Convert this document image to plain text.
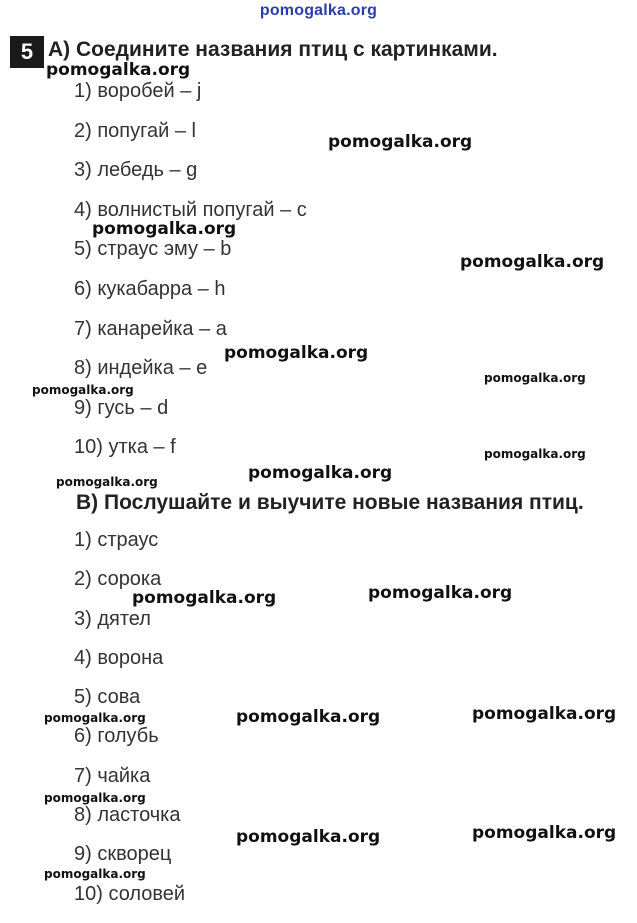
pomogalka.org
5 A) Соедините названия птиц с картинками.
1) воробей – j
2) попугай – l
3) лебедь – g
4) волнистый попугай – c
5) страус эму – b
6) кукабарра – h
7) канарейка – a
8) индейка – e
9) гусь – d
10) утка – f
B) Послушайте и выучите новые названия птиц.
1) страус
2) сорока
3) дятел
4) ворона
5) сова
6) голубь
7) чайка
8) ласточка
9) скворец
10) соловей
pomogalka.org
pomogalka.org
pomogalka.org
pomogalka.org
pomogalka.org
pomogalka.org
pomogalka.org
pomogalka.org
pomogalka.org	pomogalka.org
pomogalka.org
pomogalka.org
pomogalka.org	pomogalka.org	pomogalka.org
pomogalka.org
pomogalka.org	pomogalka.org
pomogalka.org
